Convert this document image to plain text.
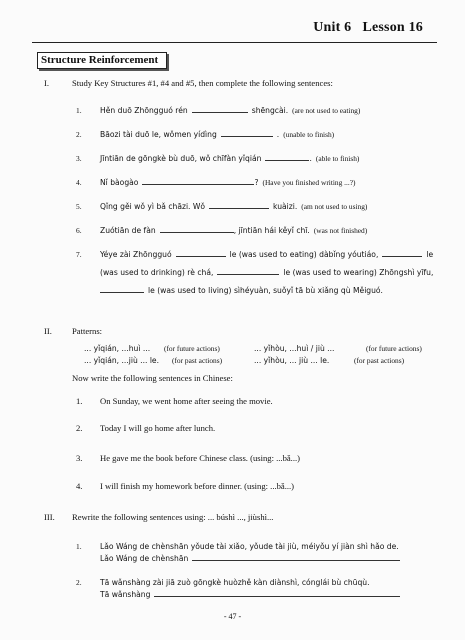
Unit 6 Lesson 16
Structure Reinforcement
I.	Study Key Structures #1, #4 and #5, then complete the following sentences:
1. Hěn duō Zhōngguó rén	shēngcài. (are not used to eating)
2. Bāozi tài duō le, wǒmen yídìng	. (unable to finish)
3. Jīntiān de gōngkè bù duō, wǒ chīfàn yǐqián	. (able to finish)
4. Nǐ bàogào	? (Have you finished writing ...?)
5. Qǐng gěi wǒ yì bǎ chāzi. Wǒ	kuàizi. (am not used to using)
6. Zuótiān de fàn	, jīntiān hái kěyǐ chī. (was not finished)
7. Yéye zài Zhōngguó	le (was used to eating) dàbǐng yóutiáo,	le
(was used to drinking) rè chá,	le (was used to wearing) Zhōngshì yīfu,
le (was used to living) sìhéyuàn, suǒyǐ tā bù xiǎng qù Měiguó.
II. Patterns:
... yǐqián, ...huì ... (for future actions)	... yǐhòu, ...huì / jiù ...	(for future actions)
... yǐqián, ...jiù ... le. (for past actions)	... yǐhòu, ... jiù ... le.	(for past actions)
Now write the following sentences in Chinese:
1. On Sunday, we went home after seeing the movie.
2. Today I will go home after lunch.
3. He gave me the book before Chinese class. (using: ...bǎ...)
4. I will finish my homework before dinner. (using: ...bǎ...)
III. Rewrite the following sentences using: ... búshì ..., jiùshì...
1. Lǎo Wáng de chènshān yǒude tài xiǎo, yǒude tài jiù, méiyǒu yí jiàn shì hǎo de.
Lǎo Wáng de chènshān
2. Tā wǎnshàng zài jiā zuò gōngkè huòzhě kàn diànshì, cónglái bù chūqù.
Tā wǎnshàng
- 47 -
